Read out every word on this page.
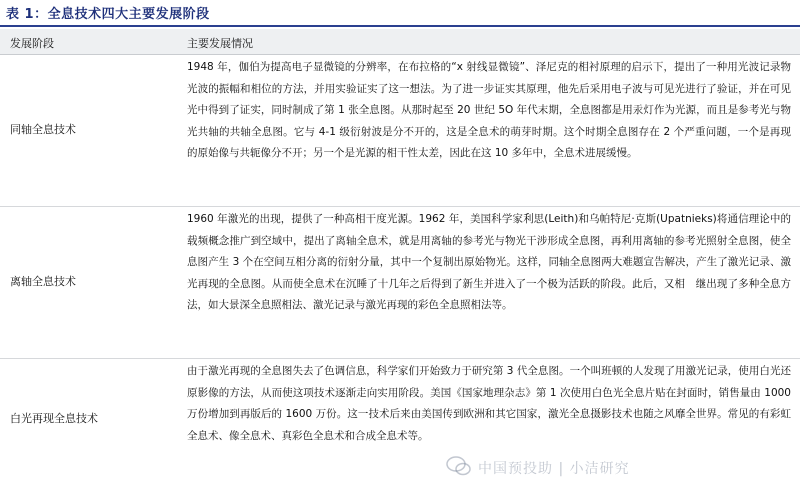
表 1：全息技术四大主要发展阶段
发展阶段	主要发展情况
同轴全息技术

1948 年，伽伯为提高电子显微镜的分辨率，在布拉格的“x 射线显微镜”、泽尼克的相衬原理的启示下，提出了一种用光波记录物光波的振幅和相位的方法，并用实验证实了这一想法。为了进一步证实其原理，他先后采用电子波与可见光进行了验证，并在可见光中得到了证实，同时制成了第 1 张全息图。从那时起至 20 世纪 5O 年代末期，全息图都是用汞灯作为光源，而且是参考光与物光共轴的共轴全息图。它与 4-1 级衍射波是分不开的，这是全息术的萌芽时期。这个时期全息图存在 2 个严重问题，一个是再现的原始像与共轭像分不开；另一个是光源的相干性太差，因此在这 10 多年中，全息术进展缓慢。

离轴全息技术

1960 年激光的出现，提供了一种高相干度光源。1962 年，美国科学家利思(Leith)和乌帕特尼·克斯(Upatnieks)将通信理论中的载频概念推广到空域中，提出了离轴全息术，就是用离轴的参考光与物光干涉形成全息图，再利用离轴的参考光照射全息图，使全息图产生 3 个在空间互相分离的衍射分量，其中一个复制出原始物光。这样，同轴全息图两大难题宣告解决，产生了激光记录、激光再现的全息图。从而使全息术在沉睡了十几年之后得到了新生并进入了一个极为活跃的阶段。此后，又相　继出现了多种全息方法，如大景深全息照相法、激光记录与激光再现的彩色全息照相法等。

白光再现全息技术

由于激光再现的全息图失去了色调信息，科学家们开始致力于研究第 3 代全息图。一个叫班顿的人发现了用激光记录，使用白光还原影像的方法，从而使这项技术逐渐走向实用阶段。美国《国家地理杂志》第 1 次使用白色光全息片贴在封面时，销售量由 1000 万份增加到再版后的 1600 万份。这一技术后来由美国传到欧洲和其它国家，激光全息摄影技术也随之风靡全世界。常见的有彩虹全息术、像全息术、真彩色全息术和合成全息术等。

中国预投助 | 小洁研究
